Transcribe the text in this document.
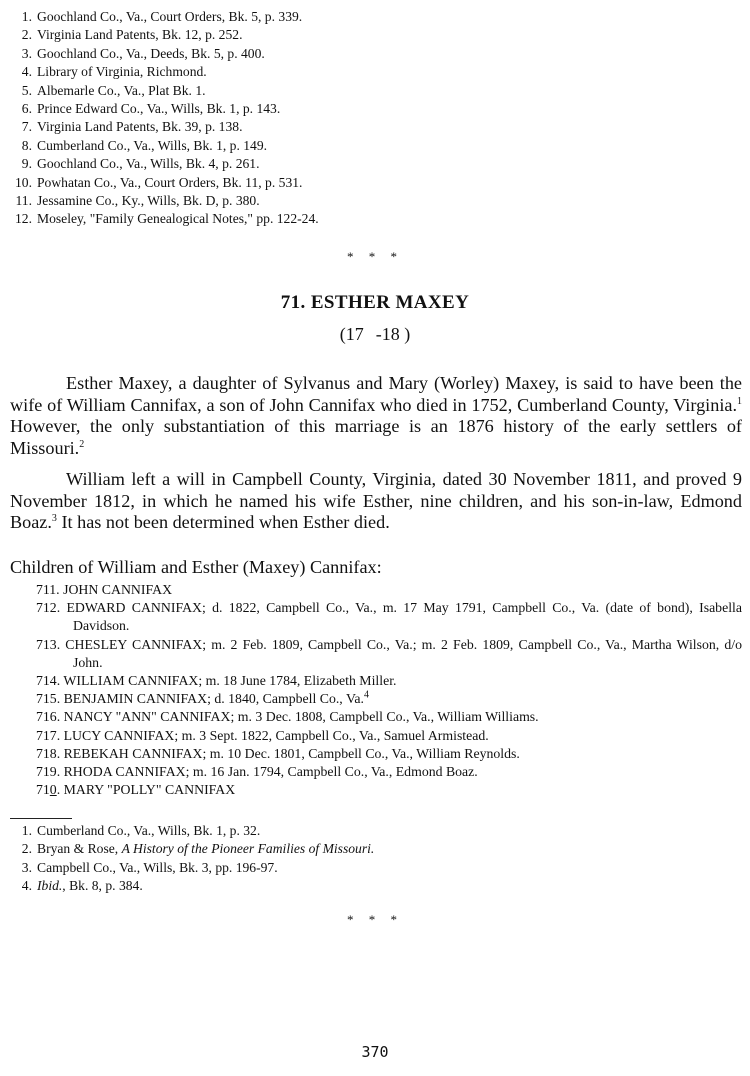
1. Goochland Co., Va., Court Orders, Bk. 5, p. 339.
2. Virginia Land Patents, Bk. 12, p. 252.
3. Goochland Co., Va., Deeds, Bk. 5, p. 400.
4. Library of Virginia, Richmond.
5. Albemarle Co., Va., Plat Bk. 1.
6. Prince Edward Co., Va., Wills, Bk. 1, p. 143.
7. Virginia Land Patents, Bk. 39, p. 138.
8. Cumberland Co., Va., Wills, Bk. 1, p. 149.
9. Goochland Co., Va., Wills, Bk. 4, p. 261.
10. Powhatan Co., Va., Court Orders, Bk. 11, p. 531.
11. Jessamine Co., Ky., Wills, Bk. D, p. 380.
12. Moseley, "Family Genealogical Notes," pp. 122-24.
* * *
71. ESTHER MAXEY
(17 -18 )

Esther Maxey, a daughter of Sylvanus and Mary (Worley) Maxey, is said to have been the wife of William Cannifax, a son of John Cannifax who died in 1752, Cumberland County, Virginia.$^1$ However, the only substantiation of this marriage is an 1876 history of the early settlers of Missouri.$^2$

William left a will in Campbell County, Virginia, dated 30 November 1811, and proved 9 November 1812, in which he named his wife Esther, nine children, and his son-in-law, Edmond Boaz.$^3$ It has not been determined when Esther died.

Children of William and Esther (Maxey) Cannifax:
711. JOHN CANNIFAX
712. EDWARD CANNIFAX; d. 1822, Campbell Co., Va., m. 17 May 1791, Campbell Co., Va. (date of bond), Isabella Davidson.
713. CHESLEY CANNIFAX; m. 2 Feb. 1809, Campbell Co., Va.; m. 2 Feb. 1809, Campbell Co., Va., Martha Wilson, d/o John.
714. WILLIAM CANNIFAX; m. 18 June 1784, Elizabeth Miller.
715. BENJAMIN CANNIFAX; d. 1840, Campbell Co., Va.$^4$
716. NANCY "ANN" CANNIFAX; m. 3 Dec. 1808, Campbell Co., Va., William Williams.
717. LUCY CANNIFAX; m. 3 Sept. 1822, Campbell Co., Va., Samuel Armistead.
718. REBEKAH CANNIFAX; m. 10 Dec. 1801, Campbell Co., Va., William Reynolds.
719. RHODA CANNIFAX; m. 16 Jan. 1794, Campbell Co., Va., Edmond Boaz.
710. MARY "POLLY" CANNIFAX
1. Cumberland Co., Va., Wills, Bk. 1, p. 32.
2. Bryan & Rose, A History of the Pioneer Families of Missouri.
3. Campbell Co., Va., Wills, Bk. 3, pp. 196-97.
4. Ibid., Bk. 8, p. 384.
* * *
370
